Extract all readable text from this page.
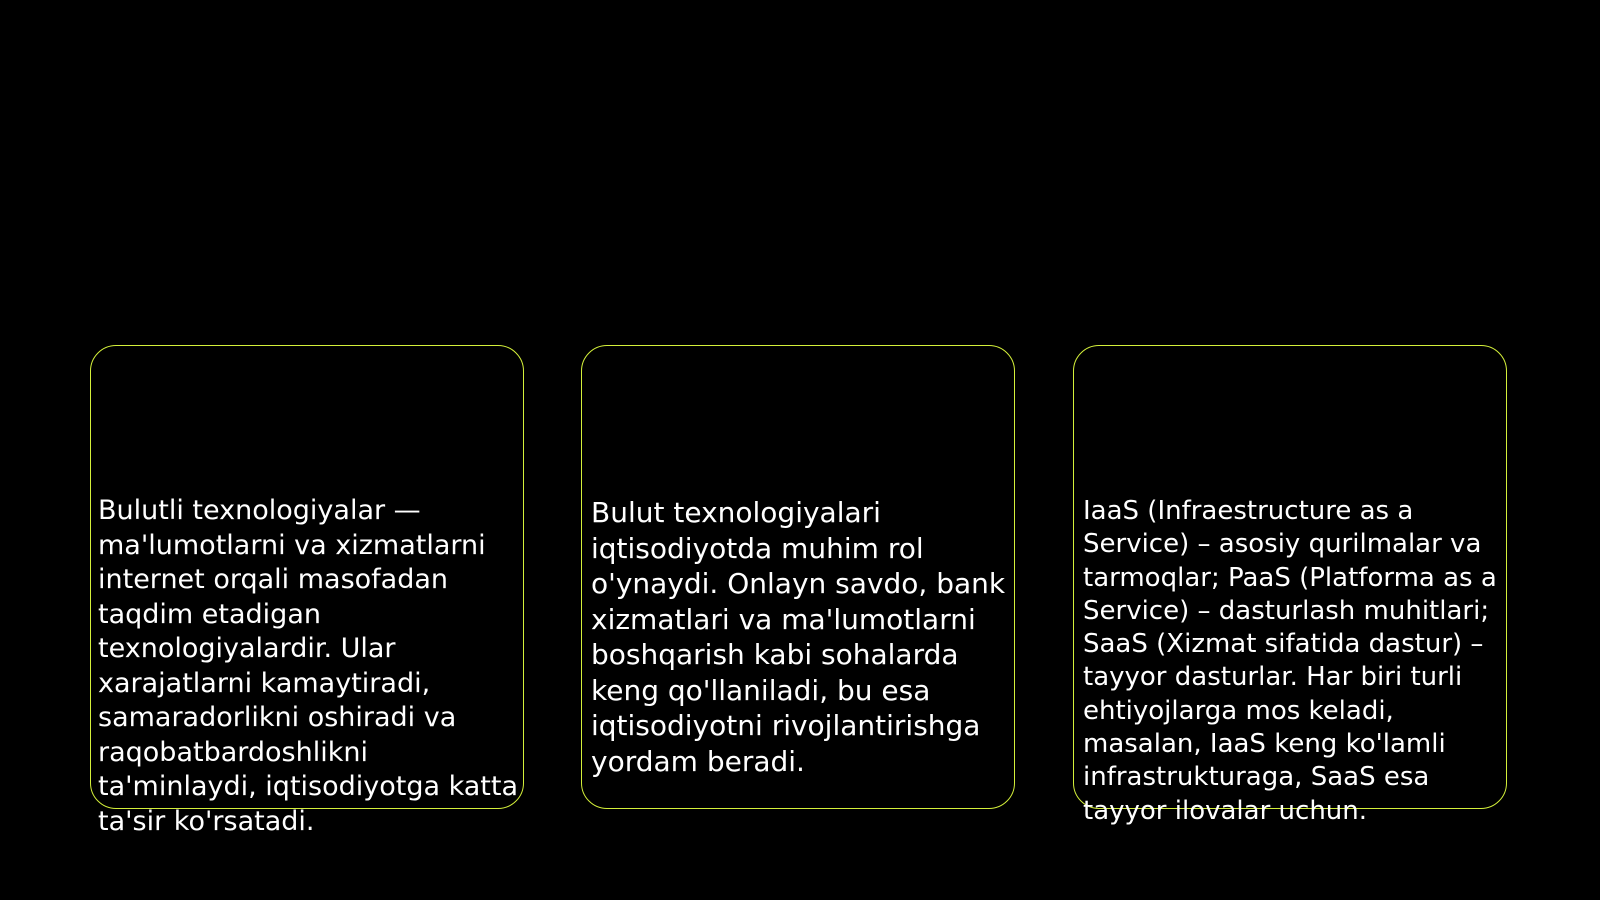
Bulutli texnologiyalar — ma'lumotlarni va xizmatlarni internet orqali masofadan taqdim etadigan texnologiyalardir. Ular xarajatlarni kamaytiradi, samaradorlikni oshiradi va raqobatbardoshlikni ta'minlaydi, iqtisodiyotga katta ta'sir ko'rsatadi.

Bulut texnologiyalari iqtisodiyotda muhim rol o'ynaydi. Onlayn savdo, bank xizmatlari va ma'lumotlarni boshqarish kabi sohalarda keng qo'llaniladi, bu esa iqtisodiyotni rivojlantirishga yordam beradi.

IaaS (Infraestructure as a Service) – asosiy qurilmalar va tarmoqlar; PaaS (Platforma as a Service) – dasturlash muhitlari; SaaS (Xizmat sifatida dastur) – tayyor dasturlar. Har biri turli ehtiyojlarga mos keladi, masalan, IaaS keng ko'lamli infrastrukturaga, SaaS esa tayyor ilovalar uchun.
